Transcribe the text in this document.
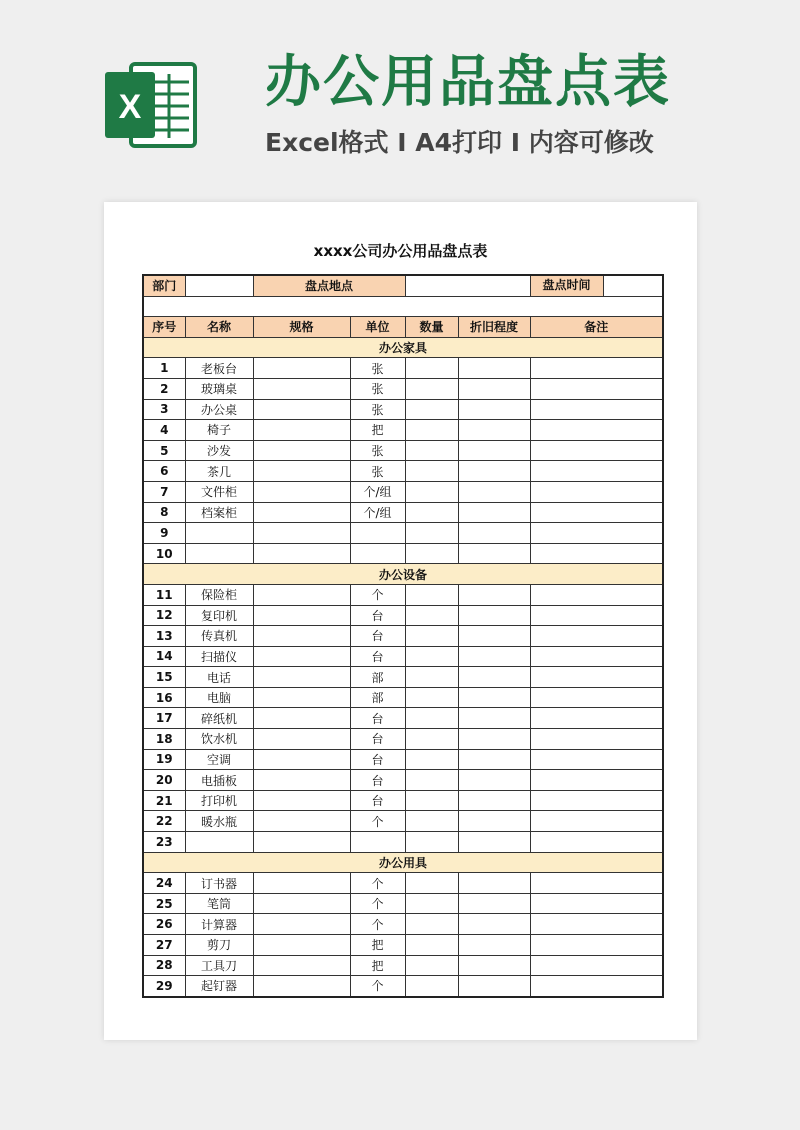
X 办公用品盘点表
Excel格式 I A4打印 I 内容可修改
xxxx公司办公用品盘点表
部门		盘点地点				盘点时间

序号	名称	规格	单位	数量	折旧程度	备注
办公家具						
1	老板台		张			
2	玻璃桌		张			
3	办公桌		张			
4	椅子		把			
5	沙发		张			
6	茶几		张			
7	文件柜		个/组			
8	档案柜		个/组			
9						
10						
办公设备						
11	保险柜		个			
12	复印机		台			
13	传真机		台			
14	扫描仪		台			
15	电话		部			
16	电脑		部			
17	碎纸机		台			
18	饮水机		台			
19	空调		台			
20	电插板		台			
21	打印机		台			
22	暖水瓶		个			
23						
办公用具						
24	订书器		个			
25	笔筒		个			
26	计算器		个			
27	剪刀		把			
28	工具刀		把			
29	起钉器		个			
